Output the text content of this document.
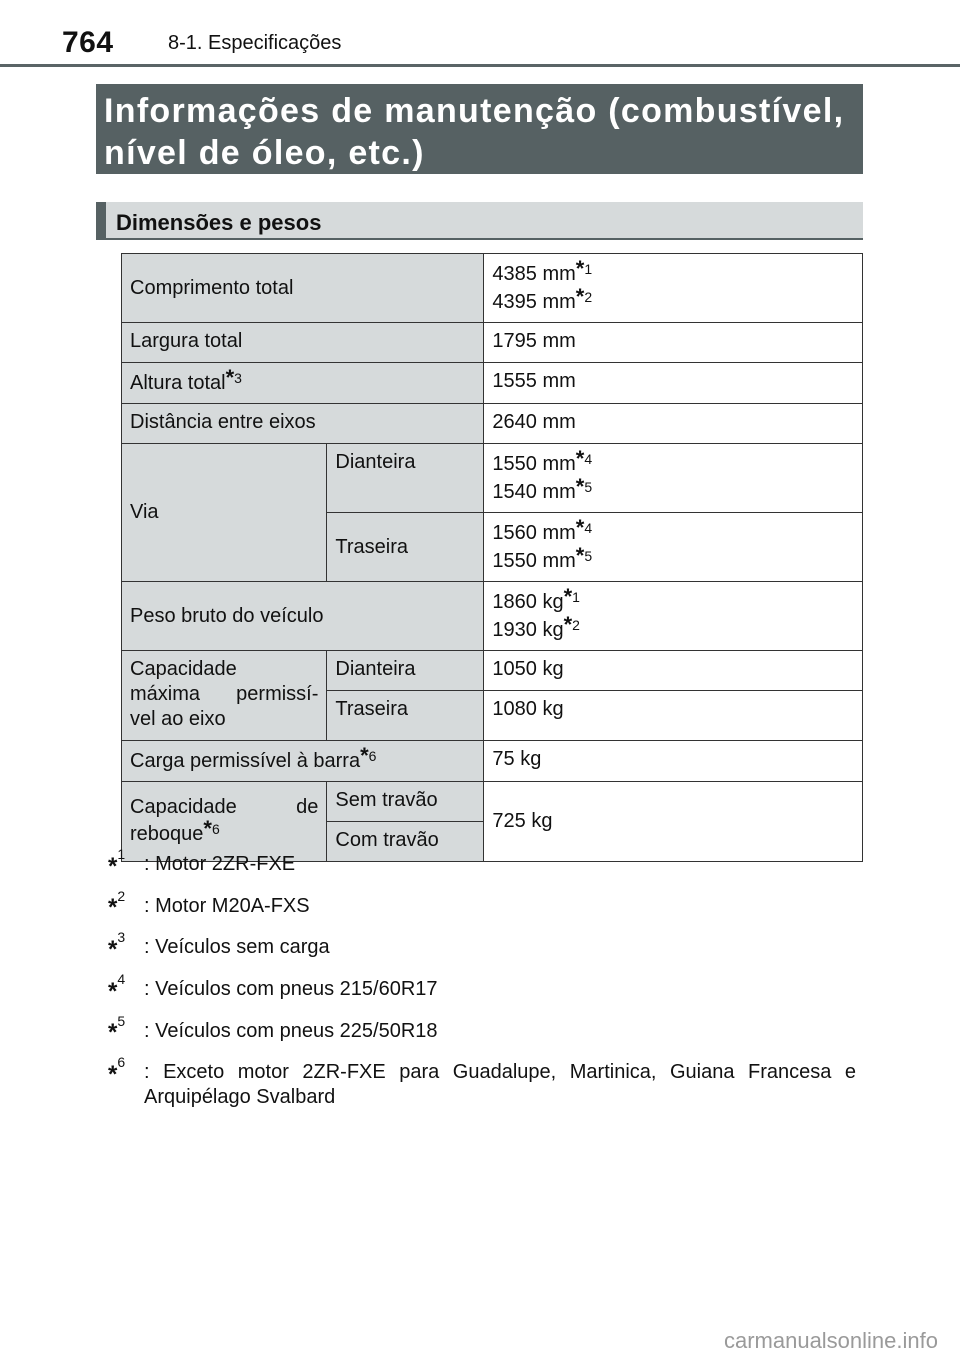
764	8-1. Especificações
Informações de manutenção (combustível,
nível de óleo, etc.)
Dimensões e pesos
Comprimento total		4385 mm$^{*1}$
4395 mm$^{*2}$
Largura total		1795 mm
Altura total$^{*3}$		1555 mm
Distância entre eixos		2640 mm
Via	Dianteira	1550 mm$^{*4}$
1540 mm$^{*5}$
	Traseira	1560 mm$^{*4}$
1550 mm$^{*5}$
Peso bruto do veículo		1860 kg$^{*1}$
1930 kg$^{*2}$

Capacidade
máxima permissí-
vel ao eixo	Dianteira	1050 kg
	Traseira	1080 kg
Carga permissível à barra$^{*6}$		75 kg

Capacidade de
reboque$^{*6}$	Sem travão	725 kg
	Com travão	
*$^1$ : Motor 2ZR-FXE
*$^2$ : Motor M20A-FXS
*$^3$ : Veículos sem carga
*$^4$ : Veículos com pneus 215/60R17
*$^5$ : Veículos com pneus 225/50R18
*$^6$ : Exceto motor 2ZR-FXE para Guadalupe, Martinica, Guiana Francesa e Arquipélago Svalbard
carmanualsonline.info
